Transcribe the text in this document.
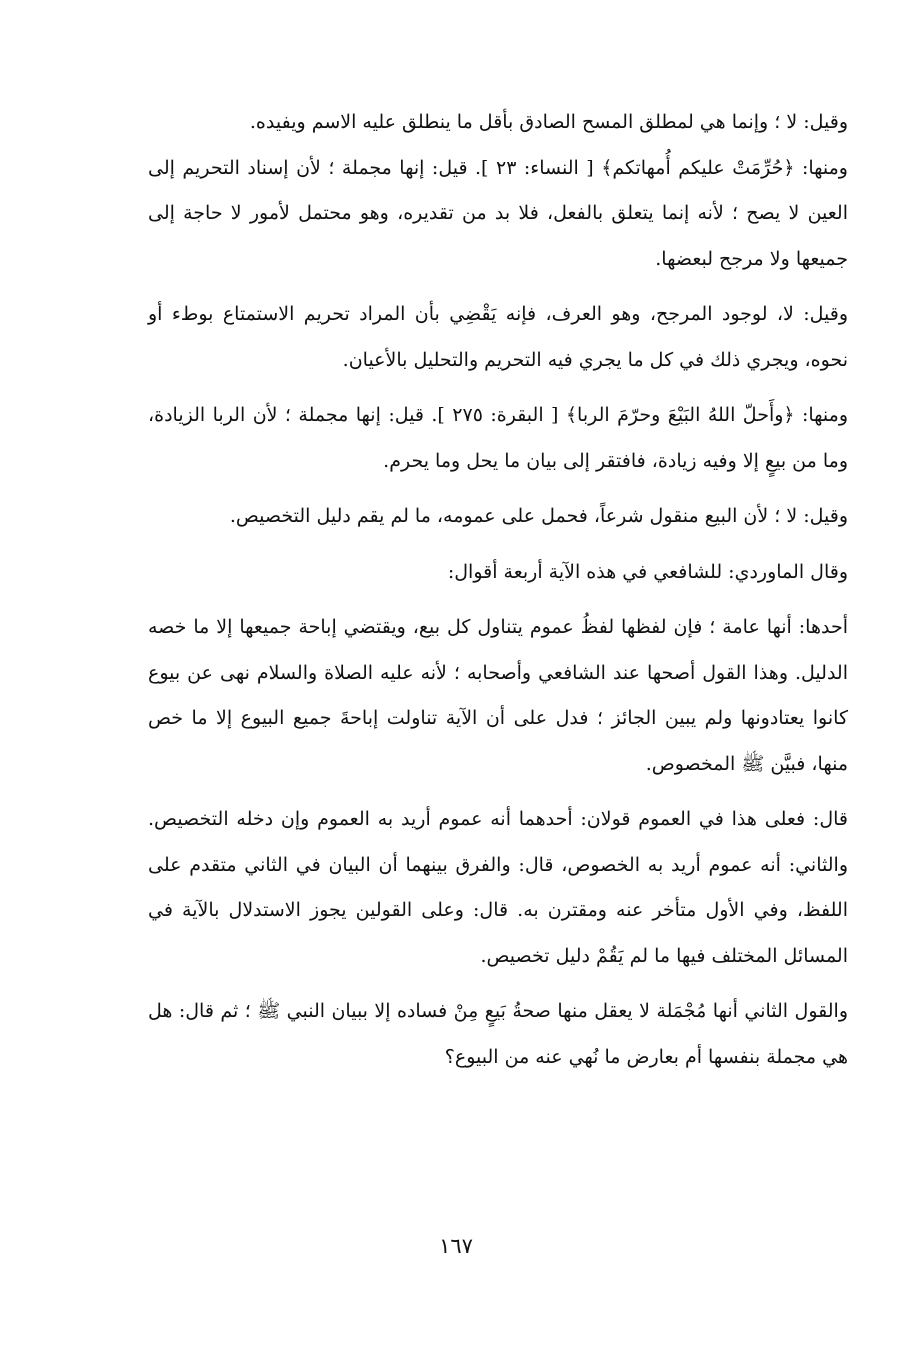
وقيل: لا ؛ وإنما هي لمطلق المسح الصادق بأقل ما ينطلق عليه الاسم ويفيده.

ومنها: ﴿حُرِّمَتْ عليكم أُمهاتكم﴾ [ النساء: ٢٣ ]. قيل: إنها مجملة ؛ لأن إسناد التحريم إلى العين لا يصح ؛ لأنه إنما يتعلق بالفعل، فلا بد من تقديره، وهو محتمل لأمور لا حاجة إلى جميعها ولا مرجح لبعضها.

وقيل: لا، لوجود المرجح، وهو العرف، فإنه يَقْضِي بأن المراد تحريم الاستمتاع بوطء أو نحوه، ويجري ذلك في كل ما يجري فيه التحريم والتحليل بالأعيان.

ومنها: ﴿وأَحلّ اللهُ البَيْعَ وحرّمَ الربا﴾ [ البقرة: ٢٧٥ ]. قيل: إنها مجملة ؛ لأن الربا الزيادة، وما من بيعٍ إلا وفيه زيادة، فافتقر إلى بيان ما يحل وما يحرم.

وقيل: لا ؛ لأن البيع منقول شرعاً، فحمل على عمومه، ما لم يقم دليل التخصيص.

وقال الماوردي: للشافعي في هذه الآية أربعة أقوال:

أحدها: أنها عامة ؛ فإن لفظها لفظُ عموم يتناول كل بيع، ويقتضي إباحة جميعها إلا ما خصه الدليل. وهذا القول أصحها عند الشافعي وأصحابه ؛ لأنه عليه الصلاة والسلام نهى عن بيوع كانوا يعتادونها ولم يبين الجائز ؛ فدل على أن الآية تناولت إباحةَ جميع البيوع إلا ما خص منها، فبيَّن ﷺ المخصوص.

قال: فعلى هذا في العموم قولان: أحدهما أنه عموم أريد به العموم وإن دخله التخصيص. والثاني: أنه عموم أريد به الخصوص، قال: والفرق بينهما أن البيان في الثاني متقدم على اللفظ، وفي الأول متأخر عنه ومقترن به. قال: وعلى القولين يجوز الاستدلال بالآية في المسائل المختلف فيها ما لم يَقُمْ دليل تخصيص.

والقول الثاني أنها مُجْمَلة لا يعقل منها صحةُ بَيعٍ مِنْ فساده إلا ببيان النبي ﷺ ؛ ثم قال: هل هي مجملة بنفسها أم بعارض ما نُهي عنه من البيوع؟

١٦٧
